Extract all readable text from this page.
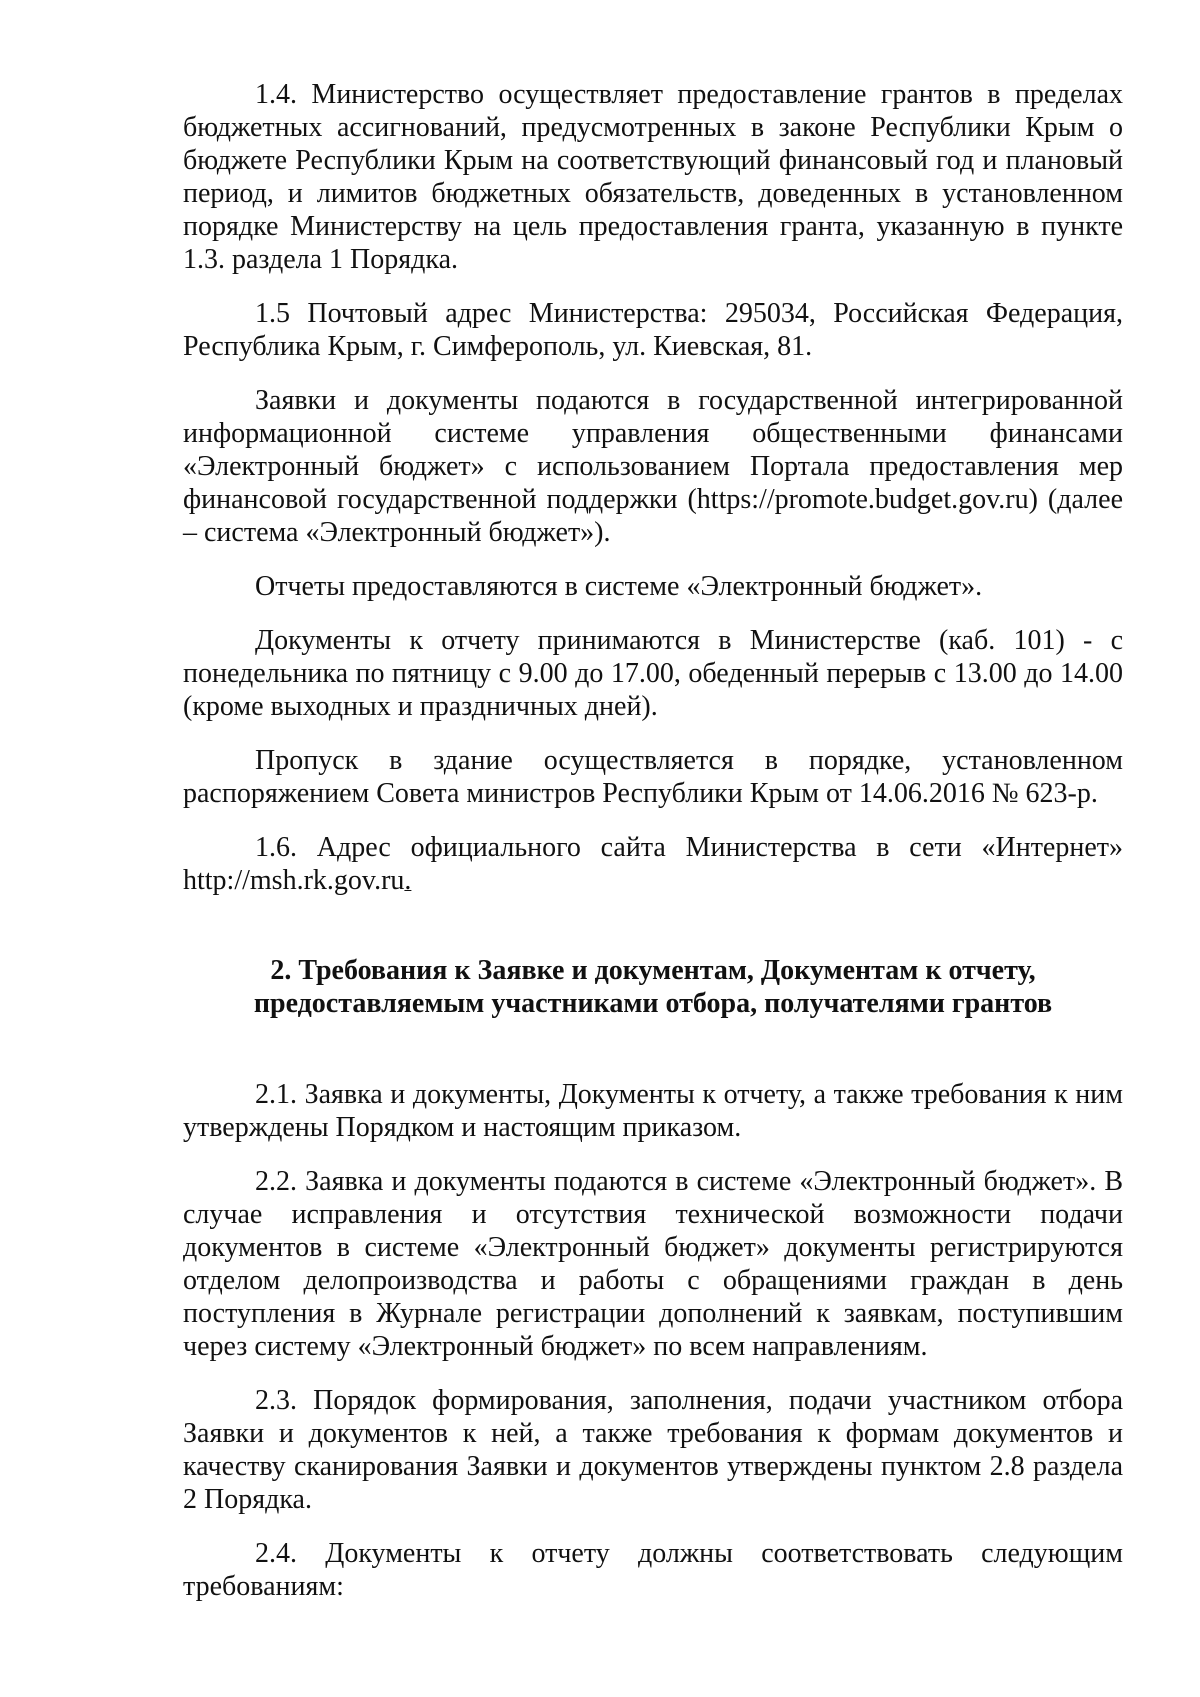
1.4. Министерство осуществляет предоставление грантов в пределах бюджетных ассигнований, предусмотренных в законе Республики Крым о бюджете Республики Крым на соответствующий финансовый год и плановый период, и лимитов бюджетных обязательств, доведенных в установленном порядке Министерству на цель предоставления гранта, указанную в пункте 1.3. раздела 1 Порядка.

1.5 Почтовый адрес Министерства: 295034, Российская Федерация, Республика Крым, г. Симферополь, ул. Киевская, 81.

Заявки и документы подаются в государственной интегрированной информационной системе управления общественными финансами «Электронный бюджет» с использованием Портала предоставления мер финансовой государственной поддержки (https://promote.budget.gov.ru) (далее – система «Электронный бюджет»).

Отчеты предоставляются в системе «Электронный бюджет».

Документы к отчету принимаются в Министерстве (каб. 101) - с понедельника по пятницу с 9.00 до 17.00, обеденный перерыв с 13.00 до 14.00 (кроме выходных и праздничных дней).

Пропуск в здание осуществляется в порядке, установленном распоряжением Совета министров Республики Крым от 14.06.2016 № 623-р.

1.6. Адрес официального сайта Министерства в сети «Интернет» http://msh.rk.gov.ru.

2. Требования к Заявке и документам, Документам к отчету,
предоставляемым участниками отбора, получателями грантов

2.1. Заявка и документы, Документы к отчету, а также требования к ним утверждены Порядком и настоящим приказом.

2.2. Заявка и документы подаются в системе «Электронный бюджет». В случае исправления и отсутствия технической возможности подачи документов в системе «Электронный бюджет» документы регистрируются отделом делопроизводства и работы с обращениями граждан в день поступления в Журнале регистрации дополнений к заявкам, поступившим через систему «Электронный бюджет» по всем направлениям.

2.3. Порядок формирования, заполнения, подачи участником отбора Заявки и документов к ней, а также требования к формам документов и качеству сканирования Заявки и документов утверждены пунктом 2.8 раздела 2 Порядка.

2.4. Документы к отчету должны соответствовать следующим требованиям:
